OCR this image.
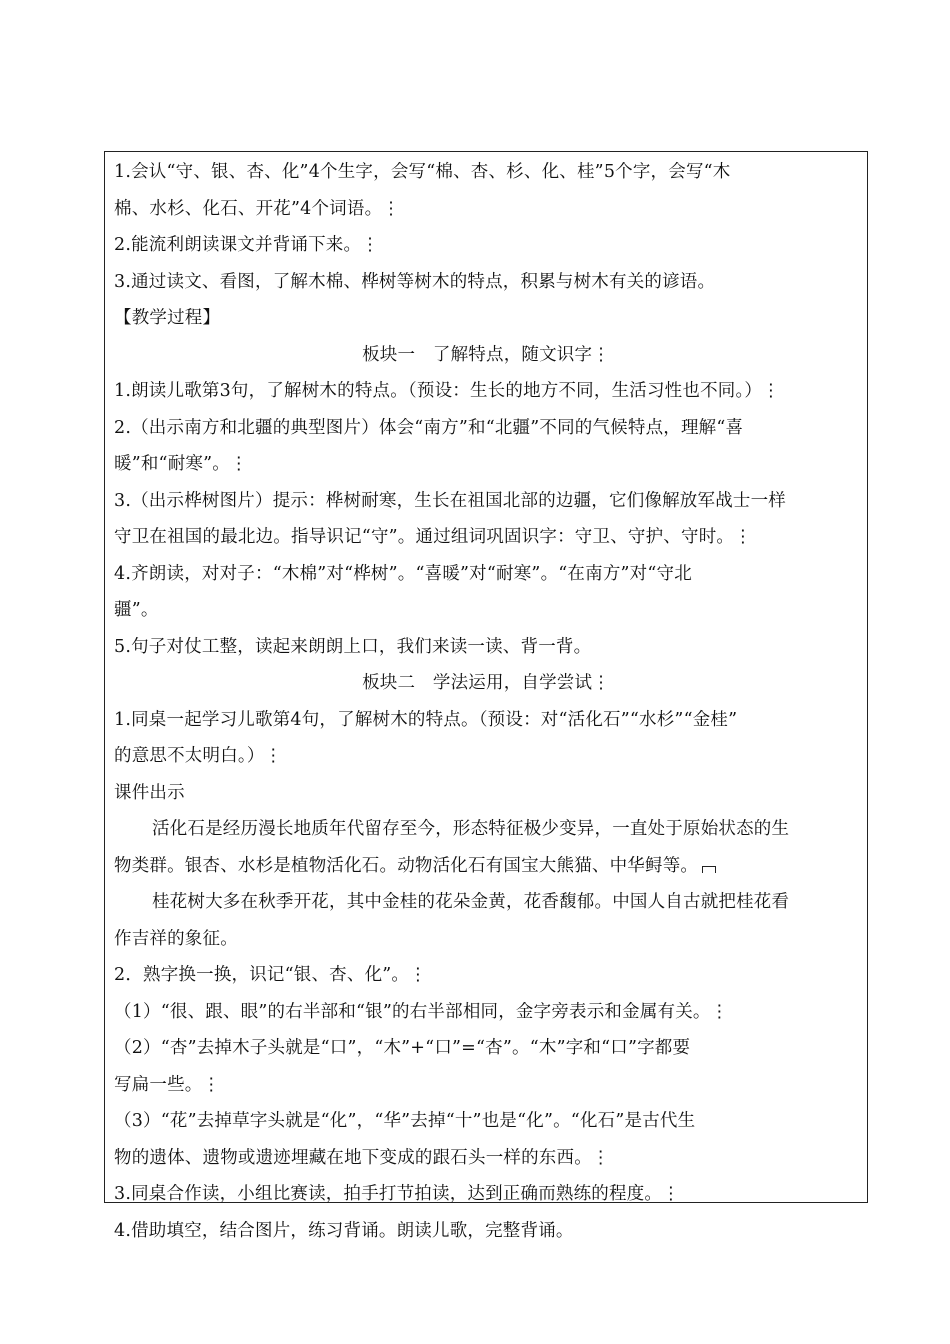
1.会认“守、银、杏、化”4个生字，会写“棉、杏、杉、化、桂”5个字，会写“木
棉、水杉、化石、开花”4个词语。⋮
2.能流利朗读课文并背诵下来。⋮
3.通过读文、看图，了解木棉、桦树等树木的特点，积累与树木有关的谚语。
【教学过程】
板块一　了解特点，随文识字⋮
1.朗读儿歌第3句，了解树木的特点。（预设：生长的地方不同，生活习性也不同。）⋮
2.（出示南方和北疆的典型图片）体会“南方”和“北疆”不同的气候特点，理解“喜
暖”和“耐寒”。⋮
3.（出示桦树图片）提示：桦树耐寒，生长在祖国北部的边疆，它们像解放军战士一样
守卫在祖国的最北边。指导识记“守”。通过组词巩固识字：守卫、守护、守时。⋮
4.齐朗读，对对子：“木棉”对“桦树”。“喜暖”对“耐寒”。“在南方”对“守北
疆”。
5.句子对仗工整，读起来朗朗上口，我们来读一读、背一背。
板块二　学法运用，自学尝试⋮
1.同桌一起学习儿歌第4句，了解树木的特点。（预设：对“活化石”“水杉”“金桂”
的意思不太明白。）⋮
课件出示
活化石是经历漫长地质年代留存至今，形态特征极少变异，一直处于原始状态的生
物类群。银杏、水杉是植物活化石。动物活化石有国宝大熊猫、中华鲟等。
桂花树大多在秋季开花，其中金桂的花朵金黄，花香馥郁。中国人自古就把桂花看
作吉祥的象征。
2．熟字换一换，识记“银、杏、化”。⋮
（1）“很、跟、眼”的右半部和“银”的右半部相同，金字旁表示和金属有关。⋮
（2）“杏”去掉木子头就是“口”，“木”+“口”=“杏”。“木”字和“口”字都要
写扁一些。⋮
（3）“花”去掉草字头就是“化”，“华”去掉“十”也是“化”。“化石”是古代生
物的遗体、遗物或遗迹埋藏在地下变成的跟石头一样的东西。⋮
3.同桌合作读，小组比赛读，拍手打节拍读，达到正确而熟练的程度。⋮
4.借助填空，结合图片，练习背诵。朗读儿歌，完整背诵。
